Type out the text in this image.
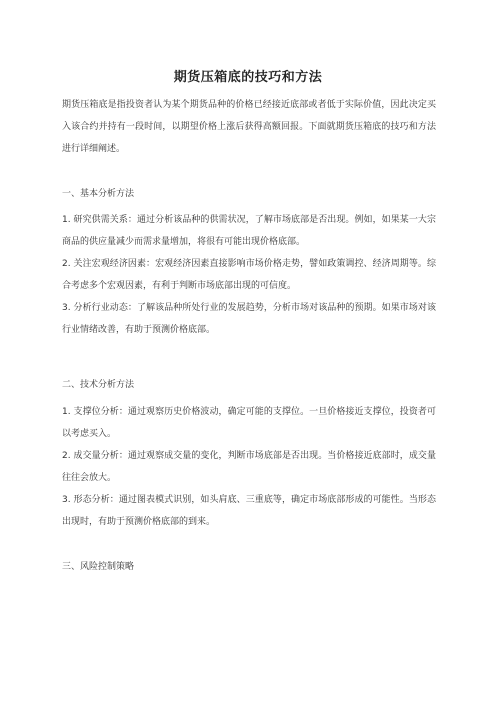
期货压箱底的技巧和方法
期货压箱底是指投资者认为某个期货品种的价格已经接近底部或者低于实际价值，因此决定买入该合约并持有一段时间，以期望价格上涨后获得高额回报。下面就期货压箱底的技巧和方法进行详细阐述。
一、基本分析方法
1. 研究供需关系：通过分析该品种的供需状况，了解市场底部是否出现。例如，如果某一大宗商品的供应量减少而需求量增加，将很有可能出现价格底部。
2. 关注宏观经济因素：宏观经济因素直接影响市场价格走势，譬如政策调控、经济周期等。综合考虑多个宏观因素，有利于判断市场底部出现的可信度。
3. 分析行业动态：了解该品种所处行业的发展趋势，分析市场对该品种的预期。如果市场对该行业情绪改善，有助于预测价格底部。
二、技术分析方法
1. 支撑位分析：通过观察历史价格波动，确定可能的支撑位。一旦价格接近支撑位，投资者可以考虑买入。
2. 成交量分析：通过观察成交量的变化，判断市场底部是否出现。当价格接近底部时，成交量往往会放大。
3. 形态分析：通过图表模式识别，如头肩底、三重底等，确定市场底部形成的可能性。当形态出现时，有助于预测价格底部的到来。
三、风险控制策略
